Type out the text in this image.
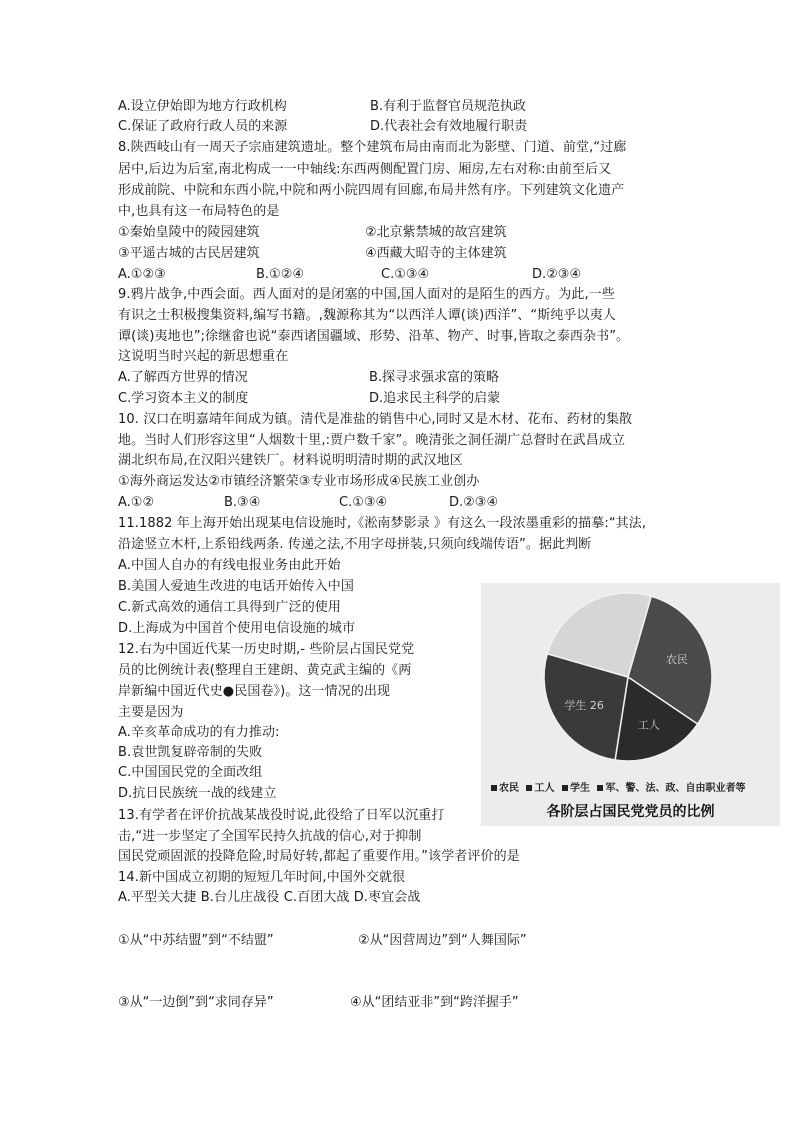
A.设立伊始即为地方行政机构	B.有利于监督官员规范执政
C.保证了政府行政人员的来源	D.代表社会有效地履行职责
8.陕西岐山有一周天子宗庙建筑遗址。整个建筑布局由南而北为影壁、门道、前堂,“过廊
居中,后边为后室,南北构成一一中轴线:东西两侧配置门房、厢房,左右对称:由前至后又
形成前院、中院和东西小院,中院和两小院四周有回廊,布局井然有序。下列建筑文化遗产
中,也具有这一布局特色的是
①秦始皇陵中的陵园建筑	②北京紫禁城的故宫建筑
③平遥古城的古民居建筑	④西藏大昭寺的主体建筑
A.①②③	B.①②④	C.①③④	D.②③④
9.鸦片战争,中西会面。西人面对的是闭塞的中国,国人面对的是陌生的西方。为此,一些
有识之士积极搜集资料,编写书籍。,魏源称其为“以西洋人谭(谈)西洋”、“斯纯乎以夷人
谭(谈)夷地也”;徐继畲也说“泰西诸国疆域、形势、沿革、物产、时事,皆取之泰西杂书”。
这说明当时兴起的新思想重在
A.了解西方世界的情况	B.探寻求强求富的策略
C.学习资本主义的制度	D.追求民主科学的启蒙
10. 汉口在明嘉靖年间成为镇。清代是准盐的销售中心,同时又是木材、花布、药材的集散
地。当时人们形容这里“人烟数十里,:贾户数千家”。晚清张之洞任湖广总督时在武昌成立
湖北织布局,在汉阳兴建铁厂。材料说明明清时期的武汉地区
①海外商运发达②市镇经济繁荣③专业市场形成④民族工业创办
A.①②	B.③④	C.①③④	D.②③④
11.1882 年上海开始出现某电信设施时,《淞南梦影录 》有这么一段浓墨重彩的描摹:“其法,
沿途竖立木杆,上系铅线两条. 传递之法,不用字母拼装,只须向线端传语”。据此判断
A.中国人自办的有线电报业务由此开始
B.美国人爱迪生改进的电话开始传入中国
C.新式高效的通信工具得到广泛的使用
D.上海成为中国首个使用电信设施的城市
12.右为中国近代某一历史时期,- 些阶层占国民党党
员的比例统计表(整理自王建朗、黄克武主编的《两
岸新编中国近代史●民国卷》)。这一情况的出现
主要是因为
A.辛亥革命成功的有力推动:
B.袁世凯复辟帝制的失败
C.中国国民党的全面改组
D.抗日民族统一战的线建立
13.有学者在评价抗战某战役时说,此役给了日军以沉重打
击,“进一步坚定了全国军民持久抗战的信心,对于抑制
国民党顽固派的投降危险,时局好转,都起了重要作用。”该学者评价的是
14.新中国成立初期的短短几年时间,中国外交就很
A.平型关大捷 B.台儿庄战役 C.百团大战 D.枣宜会战
①从“中苏结盟”到“不结盟”	②从“因营周边”到“人舞国际”
③从“一边倒”到“求同存异”	④从“团结亚非”到“跨洋握手”
农民
工人
学生 26
农民 工人 学生 军、警、法、政、自由职业者等
各阶层占国民党党员的比例
